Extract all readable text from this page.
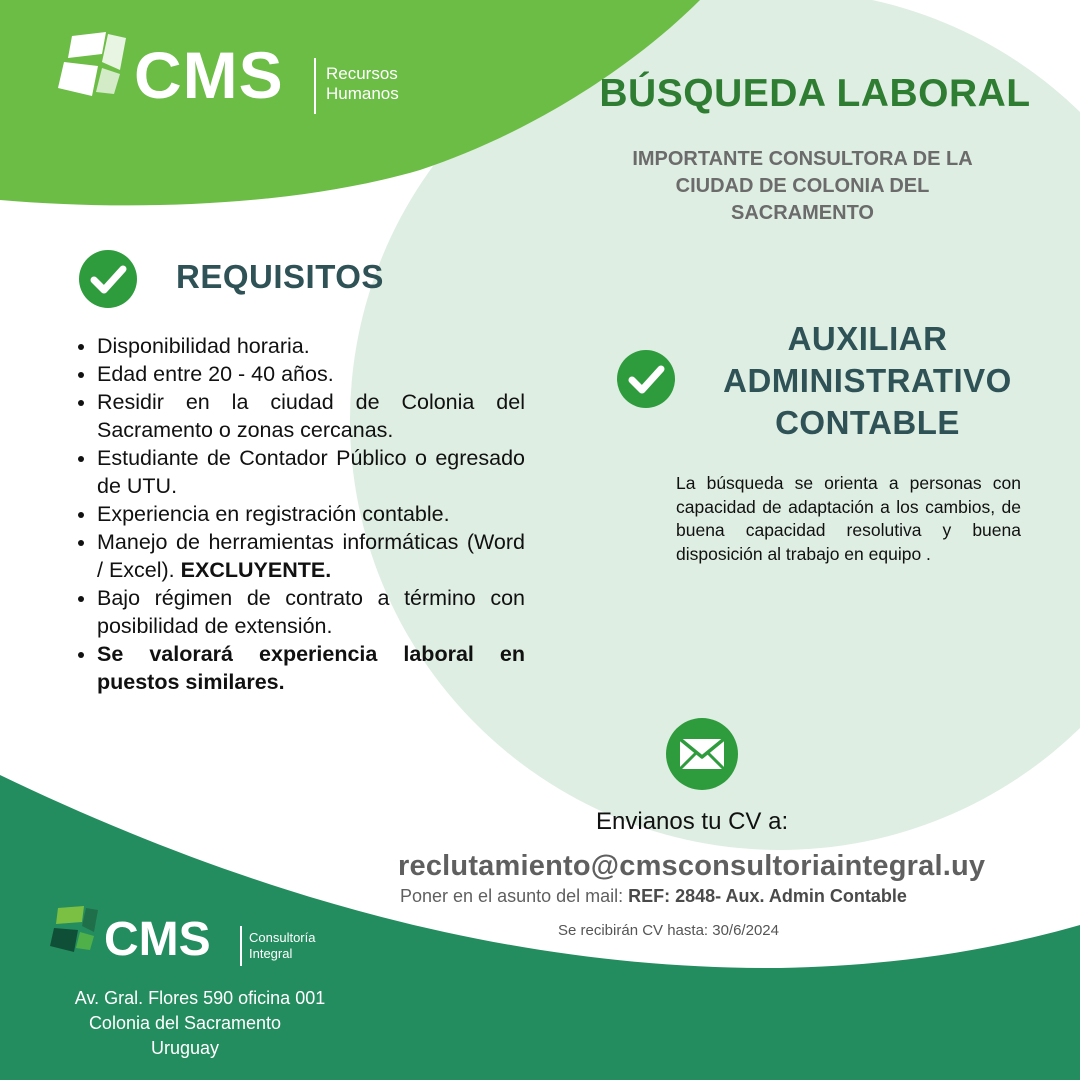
CMS Recursos
Humanos	BÚSQUEDA LABORAL
IMPORTANTE CONSULTORA DE LA
CIUDAD DE COLONIA DEL
SACRAMENTO
REQUISITOS
• Disponibilidad horaria.
• Edad entre 20 - 40 años.
• Residir en la ciudad de Colonia del Sacramento o zonas cercanas.
• Estudiante de Contador Público o egresado de UTU.
• Experiencia en registración contable.
• Manejo de herramientas informáticas (Word / Excel). EXCLUYENTE.
• Bajo régimen de contrato a término con posibilidad de extensión.
• Se valorará experiencia laboral en puestos similares.
AUXILIAR
ADMINISTRATIVO
CONTABLE
La búsqueda se orienta a personas con capacidad de adaptación a los cambios, de buena capacidad resolutiva y buena disposición al trabajo en equipo .
Envianos tu CV a:
reclutamiento@cmsconsultoriaintegral.uy
Poner en el asunto del mail: REF: 2848- Aux. Admin Contable
Se recibirán CV hasta: 30/6/2024
CMS	Consultoría
Integral
Av. Gral. Flores 590 oficina 001
Colonia del Sacramento
Uruguay
